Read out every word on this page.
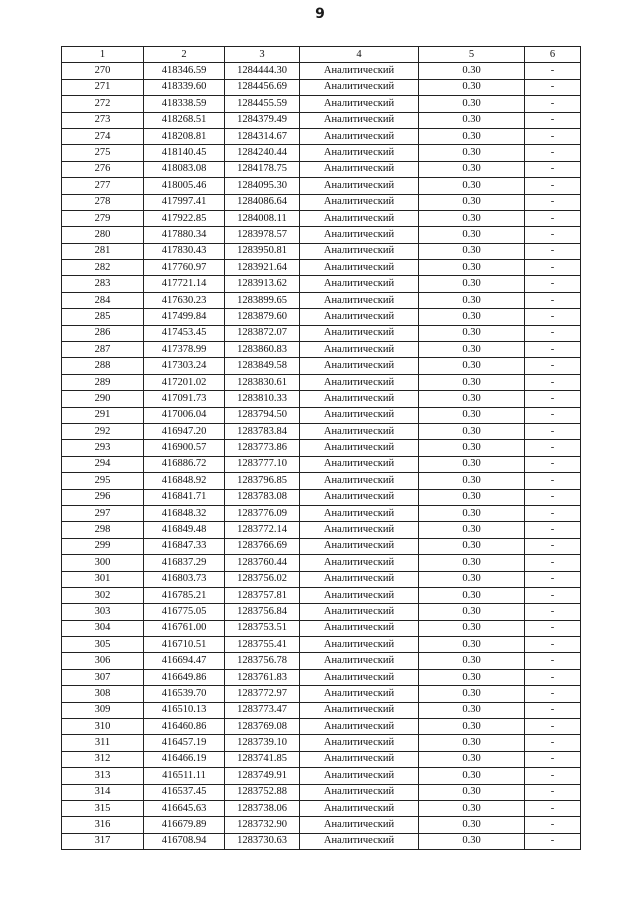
9
1	2	3	4	5	6
270	418346.59	1284444.30	Аналитический	0.30	-
271	418339.60	1284456.69	Аналитический	0.30	-
272	418338.59	1284455.59	Аналитический	0.30	-
273	418268.51	1284379.49	Аналитический	0.30	-
274	418208.81	1284314.67	Аналитический	0.30	-
275	418140.45	1284240.44	Аналитический	0.30	-
276	418083.08	1284178.75	Аналитический	0.30	-
277	418005.46	1284095.30	Аналитический	0.30	-
278	417997.41	1284086.64	Аналитический	0.30	-
279	417922.85	1284008.11	Аналитический	0.30	-
280	417880.34	1283978.57	Аналитический	0.30	-
281	417830.43	1283950.81	Аналитический	0.30	-
282	417760.97	1283921.64	Аналитический	0.30	-
283	417721.14	1283913.62	Аналитический	0.30	-
284	417630.23	1283899.65	Аналитический	0.30	-
285	417499.84	1283879.60	Аналитический	0.30	-
286	417453.45	1283872.07	Аналитический	0.30	-
287	417378.99	1283860.83	Аналитический	0.30	-
288	417303.24	1283849.58	Аналитический	0.30	-
289	417201.02	1283830.61	Аналитический	0.30	-
290	417091.73	1283810.33	Аналитический	0.30	-
291	417006.04	1283794.50	Аналитический	0.30	-
292	416947.20	1283783.84	Аналитический	0.30	-
293	416900.57	1283773.86	Аналитический	0.30	-
294	416886.72	1283777.10	Аналитический	0.30	-
295	416848.92	1283796.85	Аналитический	0.30	-
296	416841.71	1283783.08	Аналитический	0.30	-
297	416848.32	1283776.09	Аналитический	0.30	-
298	416849.48	1283772.14	Аналитический	0.30	-
299	416847.33	1283766.69	Аналитический	0.30	-
300	416837.29	1283760.44	Аналитический	0.30	-
301	416803.73	1283756.02	Аналитический	0.30	-
302	416785.21	1283757.81	Аналитический	0.30	-
303	416775.05	1283756.84	Аналитический	0.30	-
304	416761.00	1283753.51	Аналитический	0.30	-
305	416710.51	1283755.41	Аналитический	0.30	-
306	416694.47	1283756.78	Аналитический	0.30	-
307	416649.86	1283761.83	Аналитический	0.30	-
308	416539.70	1283772.97	Аналитический	0.30	-
309	416510.13	1283773.47	Аналитический	0.30	-
310	416460.86	1283769.08	Аналитический	0.30	-
311	416457.19	1283739.10	Аналитический	0.30	-
312	416466.19	1283741.85	Аналитический	0.30	-
313	416511.11	1283749.91	Аналитический	0.30	-
314	416537.45	1283752.88	Аналитический	0.30	-
315	416645.63	1283738.06	Аналитический	0.30	-
316	416679.89	1283732.90	Аналитический	0.30	-
317	416708.94	1283730.63	Аналитический	0.30	-
